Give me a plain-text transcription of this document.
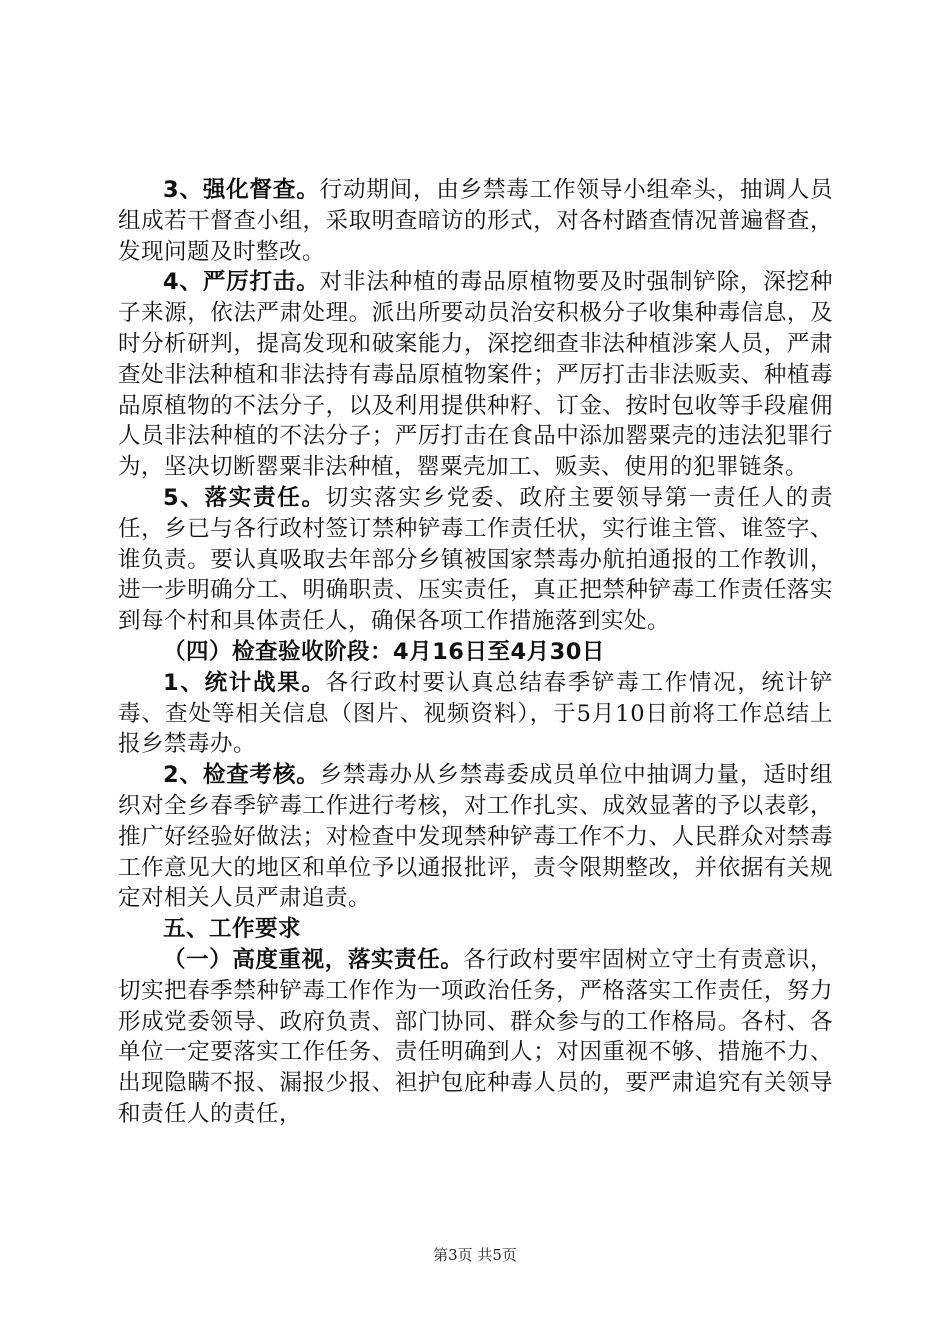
3、强化督查。行动期间，由乡禁毒工作领导小组牵头，抽调人员组成若干督查小组，采取明查暗访的形式，对各村踏查情况普遍督查，发现问题及时整改。

4、严厉打击。对非法种植的毒品原植物要及时强制铲除，深挖种子来源，依法严肃处理。派出所要动员治安积极分子收集种毒信息，及时分析研判，提高发现和破案能力，深挖细查非法种植涉案人员，严肃查处非法种植和非法持有毒品原植物案件；严厉打击非法贩卖、种植毒品原植物的不法分子，以及利用提供种籽、订金、按时包收等手段雇佣人员非法种植的不法分子；严厉打击在食品中添加罂粟壳的违法犯罪行为，坚决切断罂粟非法种植，罂粟壳加工、贩卖、使用的犯罪链条。

5、落实责任。切实落实乡党委、政府主要领导第一责任人的责任，乡已与各行政村签订禁种铲毒工作责任状，实行谁主管、谁签字、谁负责。要认真吸取去年部分乡镇被国家禁毒办航拍通报的工作教训，进一步明确分工、明确职责、压实责任，真正把禁种铲毒工作责任落实到每个村和具体责任人，确保各项工作措施落到实处。

（四）检查验收阶段：4月16日至4月30日

1、统计战果。各行政村要认真总结春季铲毒工作情况，统计铲毒、查处等相关信息（图片、视频资料），于5月10日前将工作总结上报乡禁毒办。

2、检查考核。乡禁毒办从乡禁毒委成员单位中抽调力量，适时组织对全乡春季铲毒工作进行考核，对工作扎实、成效显著的予以表彰，推广好经验好做法；对检查中发现禁种铲毒工作不力、人民群众对禁毒工作意见大的地区和单位予以通报批评，责令限期整改，并依据有关规定对相关人员严肃追责。

五、工作要求

（一）高度重视，落实责任。各行政村要牢固树立守土有责意识，切实把春季禁种铲毒工作作为一项政治任务，严格落实工作责任，努力形成党委领导、政府负责、部门协同、群众参与的工作格局。各村、各单位一定要落实工作任务、责任明确到人；对因重视不够、措施不力、出现隐瞒不报、漏报少报、袒护包庇种毒人员的，要严肃追究有关领导和责任人的责任，

第3页 共5页
